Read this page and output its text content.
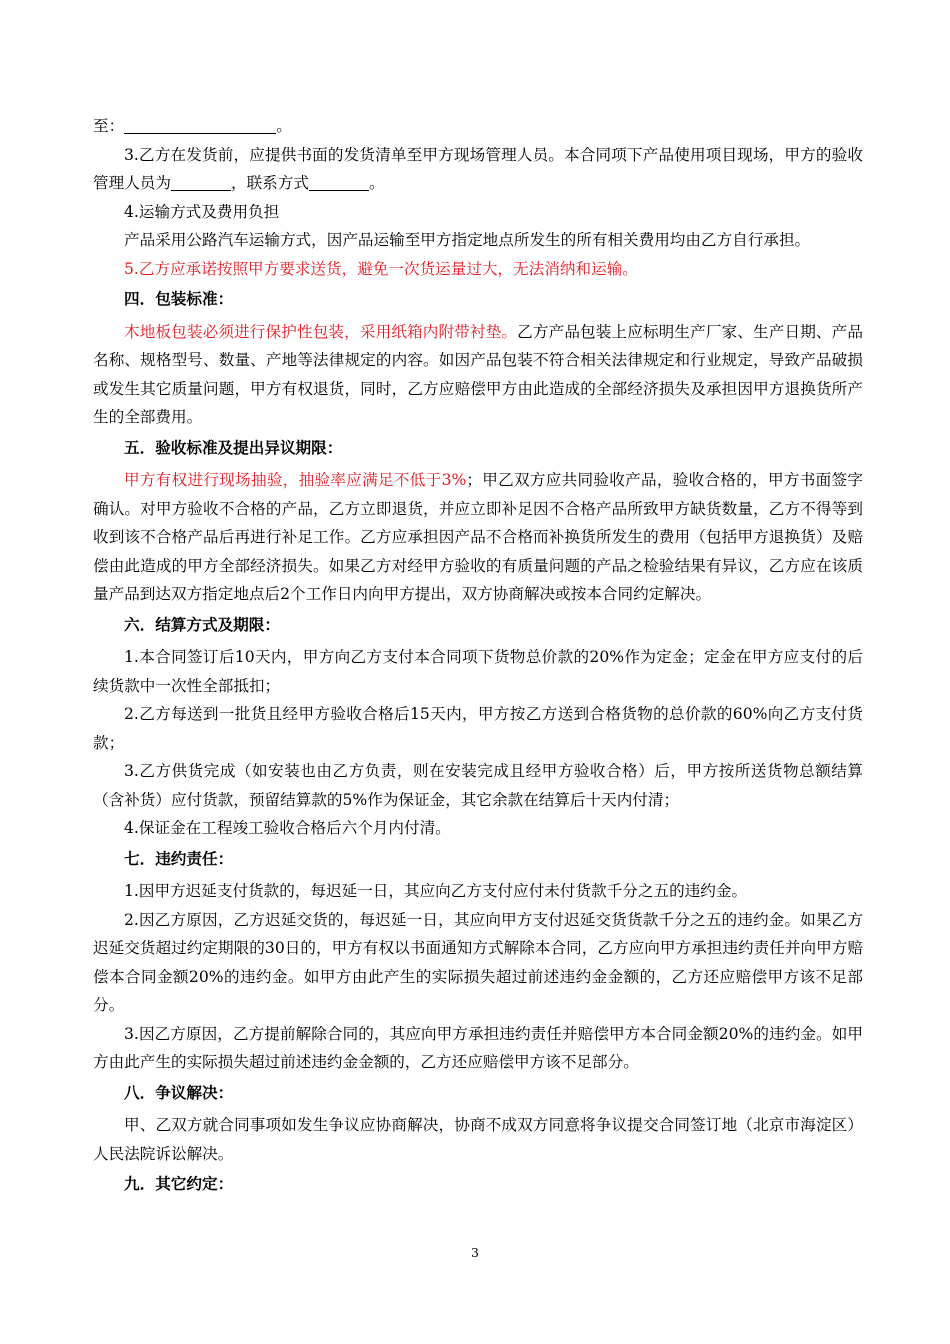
至：	。

3.乙方在发货前，应提供书面的发货清单至甲方现场管理人员。本合同项下产品使用项目现场，甲方的验收管理人员为	，联系方式	。

4.运输方式及费用负担

产品采用公路汽车运输方式，因产品运输至甲方指定地点所发生的所有相关费用均由乙方自行承担。

5.乙方应承诺按照甲方要求送货，避免一次货运量过大，无法消纳和运输。

四．包装标准：

木地板包装必须进行保护性包装，采用纸箱内附带衬垫。乙方产品包装上应标明生产厂家、生产日期、产品名称、规格型号、数量、产地等法律规定的内容。如因产品包装不符合相关法律规定和行业规定，导致产品破损或发生其它质量问题，甲方有权退货，同时，乙方应赔偿甲方由此造成的全部经济损失及承担因甲方退换货所产生的全部费用。

五．验收标准及提出异议期限：

甲方有权进行现场抽验，抽验率应满足不低于3%；甲乙双方应共同验收产品，验收合格的，甲方书面签字确认。对甲方验收不合格的产品，乙方立即退货，并应立即补足因不合格产品所致甲方缺货数量，乙方不得等到收到该不合格产品后再进行补足工作。乙方应承担因产品不合格而补换货所发生的费用（包括甲方退换货）及赔偿由此造成的甲方全部经济损失。如果乙方对经甲方验收的有质量问题的产品之检验结果有异议，乙方应在该质量产品到达双方指定地点后2个工作日内向甲方提出，双方协商解决或按本合同约定解决。

六．结算方式及期限：

1.本合同签订后10天内，甲方向乙方支付本合同项下货物总价款的20%作为定金；定金在甲方应支付的后续货款中一次性全部抵扣；

2.乙方每送到一批货且经甲方验收合格后15天内，甲方按乙方送到合格货物的总价款的60%向乙方支付货款；

3.乙方供货完成（如安装也由乙方负责，则在安装完成且经甲方验收合格）后，甲方按所送货物总额结算（含补货）应付货款，预留结算款的5%作为保证金，其它余款在结算后十天内付清；

4.保证金在工程竣工验收合格后六个月内付清。

七．违约责任：

1.因甲方迟延支付货款的，每迟延一日，其应向乙方支付应付未付货款千分之五的违约金。

2.因乙方原因，乙方迟延交货的，每迟延一日，其应向甲方支付迟延交货货款千分之五的违约金。如果乙方迟延交货超过约定期限的30日的，甲方有权以书面通知方式解除本合同，乙方应向甲方承担违约责任并向甲方赔偿本合同金额20%的违约金。如甲方由此产生的实际损失超过前述违约金金额的，乙方还应赔偿甲方该不足部分。

3.因乙方原因，乙方提前解除合同的，其应向甲方承担违约责任并赔偿甲方本合同金额20%的违约金。如甲方由此产生的实际损失超过前述违约金金额的，乙方还应赔偿甲方该不足部分。

八．争议解决：

甲、乙双方就合同事项如发生争议应协商解决，协商不成双方同意将争议提交合同签订地（北京市海淀区）人民法院诉讼解决。

九．其它约定：

3
